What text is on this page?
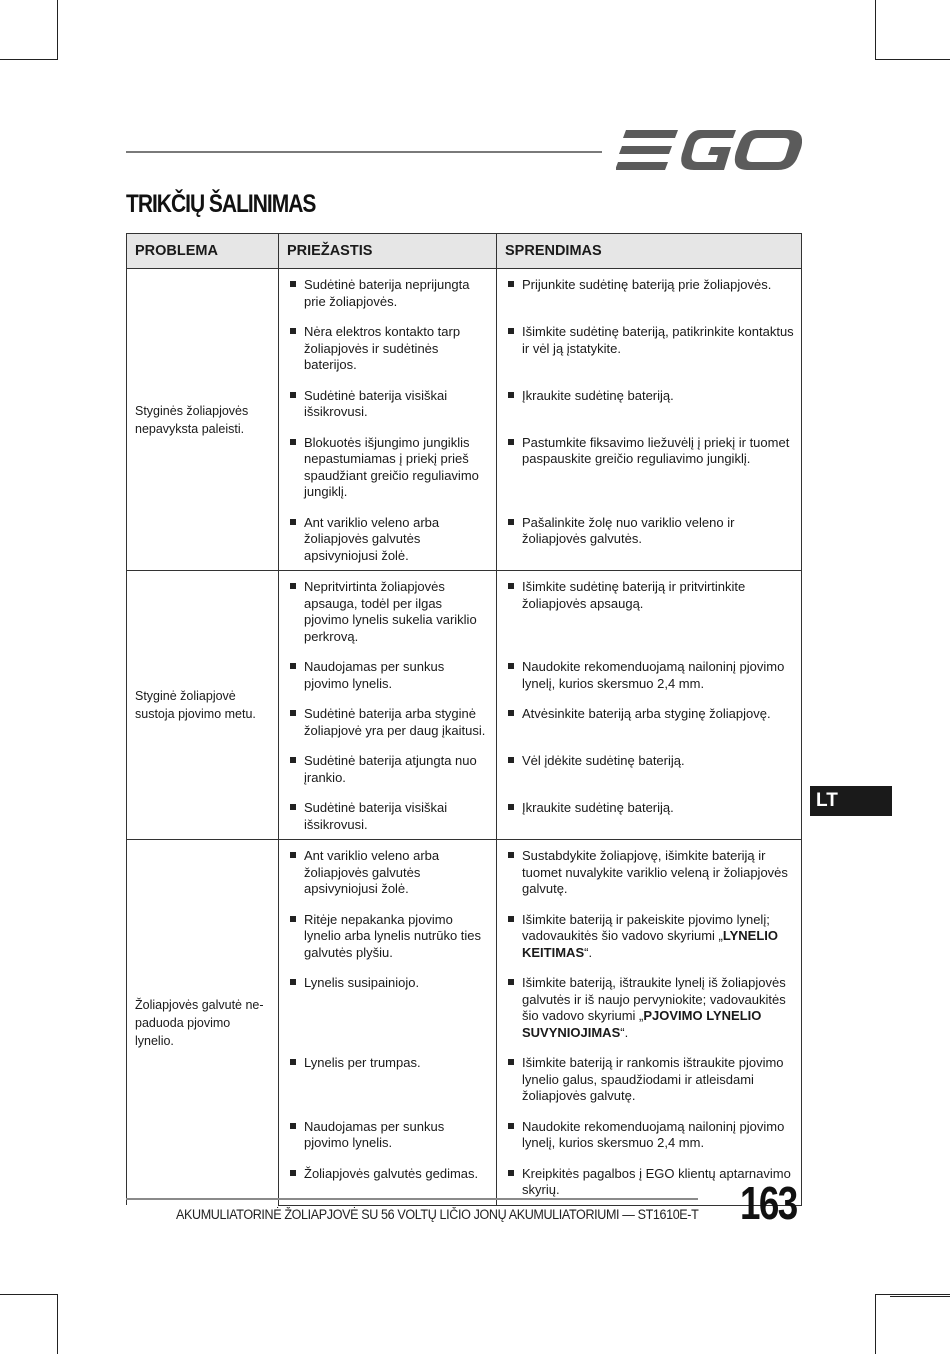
TRIKČIŲ ŠALINIMAS
PROBLEMA	PRIEŽASTIS	SPRENDIMAS
Styginės žoliapjovės nepavyksta paleisti.	Sudėtinė baterija neprijungta prie žoliapjovės.	Prijunkite sudėtinę bateriją prie žoliapjovės.

Nėra elektros kontakto tarp žoliapjovės ir sudėtinės baterijos.	Išimkite sudėtinę bateriją, patikrinkite kontaktus ir vėl ją įstatykite.

Sudėtinė baterija visiškai išsikrovusi.	Įkraukite sudėtinę bateriją.

Blokuotės išjungimo jungiklis nepastumiamas į priekį prieš spaudžiant greičio reguliavimo jungiklį.	Pastumkite fiksavimo liežuvėlį į priekį ir tuomet paspauskite greičio reguliavimo jungiklį.

Ant variklio veleno arba žoliapjovės galvutės apsivyniojusi žolė.	Pašalinkite žolę nuo variklio veleno ir žoliapjovės galvutės.

Styginė žoliapjovė sustoja pjovimo metu.	Nepritvirtinta žoliapjovės apsauga, todėl per ilgas pjovimo lynelis sukelia variklio perkrovą.	Išimkite sudėtinę bateriją ir pritvirtinkite žoliapjovės apsaugą.

Naudojamas per sunkus pjovimo lynelis.	Naudokite rekomenduojamą nailoninį pjovimo lynelį, kurios skersmuo 2,4 mm.

Sudėtinė baterija arba styginė žoliapjovė yra per daug įkaitusi.	Atvėsinkite bateriją arba styginę žoliapjovę.

Sudėtinė baterija atjungta nuo įrankio.	Vėl įdėkite sudėtinę bateriją.

Sudėtinė baterija visiškai išsikrovusi.	Įkraukite sudėtinę bateriją.

Žoliapjovės galvutė ne-paduoda pjovimo lynelio.	Ant variklio veleno arba žoliapjovės galvutės apsivyniojusi žolė.	Sustabdykite žoliapjovę, išimkite bateriją ir tuomet nuvalykite variklio veleną ir žoliapjovės galvutę.

Ritėje nepakanka pjovimo lynelio arba lynelis nutrūko ties galvutės plyšiu.	Išimkite bateriją ir pakeiskite pjovimo lynelį; vadovaukitės šio vadovo skyriumi „LYNELIO KEITIMAS“.

Lynelis susipainiojo.	Išimkite bateriją, ištraukite lynelį iš žoliapjovės galvutės ir iš naujo pervyniokite; vadovaukitės šio vadovo skyriumi „PJOVIMO LYNELIO SUVYNIOJIMAS“.

Lynelis per trumpas.	Išimkite bateriją ir rankomis ištraukite pjovimo lynelio galus, spaudžiodami ir atleisdami žoliapjovės galvutę.

Naudojamas per sunkus pjovimo lynelis.	Naudokite rekomenduojamą nailoninį pjovimo lynelį, kurios skersmuo 2,4 mm.

Žoliapjovės galvutės gedimas.	Kreipkitės pagalbos į EGO klientų aptarnavimo skyrių.
LT
AKUMULIATORINĖ ŽOLIAPJOVĖ SU 56 VOLTŲ LIČIO JONŲ AKUMULIATORIUMI — ST1610E-T 163
